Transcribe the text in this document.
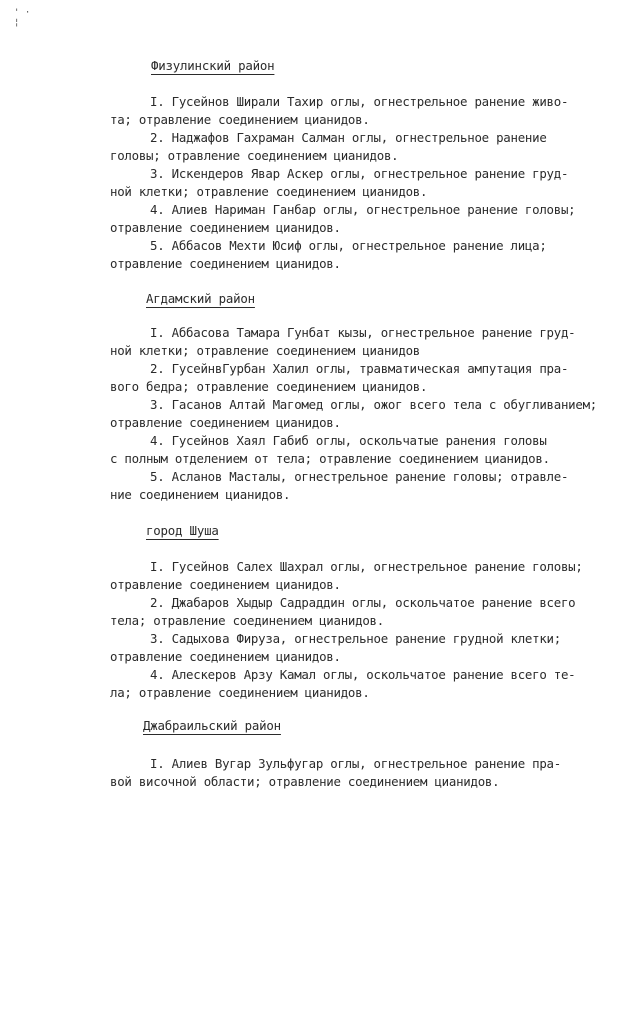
' ·
¦
Физулинский район
I. Гусейнов Ширали Тахир оглы, огнестрельное ранение живо-
та; отравление соединением цианидов.
2. Наджафов Гахраман Салман оглы, огнестрельное ранение
головы; отравление соединением цианидов.
3. Искендеров Явар Аскер оглы, огнестрельное ранение груд-
ной клетки; отравление соединением цианидов.
4. Алиев Нариман Ганбар оглы, огнестрельное ранение головы;
отравление соединением цианидов.
5. Аббасов Мехти Юсиф оглы, огнестрельное ранение лица;
отравление соединением цианидов.
Агдамский район
I. Аббасова Тамара Гунбат кызы, огнестрельное ранение груд-
ной клетки; отравление соединением цианидов
2. ГусейнвГурбан Халил оглы, травматическая ампутация пра-
вого бедра; отравление соединением цианидов.
3. Гасанов Алтай Магомед оглы, ожог всего тела с обугливанием;
отравление соединением цианидов.
4. Гусейнов Хаял Габиб оглы, оскольчатые ранения головы
с полным отделением от тела; отравление соединением цианидов.
5. Асланов Масталы, огнестрельное ранение головы; отравле-
ние соединением цианидов.
город Шуша
I. Гусейнов Салех Шахрал оглы, огнестрельное ранение головы;
отравление соединением цианидов.
2. Джабаров Хыдыр Садраддин оглы, оскольчатое ранение всего
тела; отравление соединением цианидов.
3. Садыхова Фируза, огнестрельное ранение грудной клетки;
отравление соединением цианидов.
4. Алескеров Арзу Камал оглы, оскольчатое ранение всего те-
ла; отравление соединением цианидов.
Джабраильский район
I. Алиев Вугар Зульфугар оглы, огнестрельное ранение пра-
вой височной области; отравление соединением цианидов.
